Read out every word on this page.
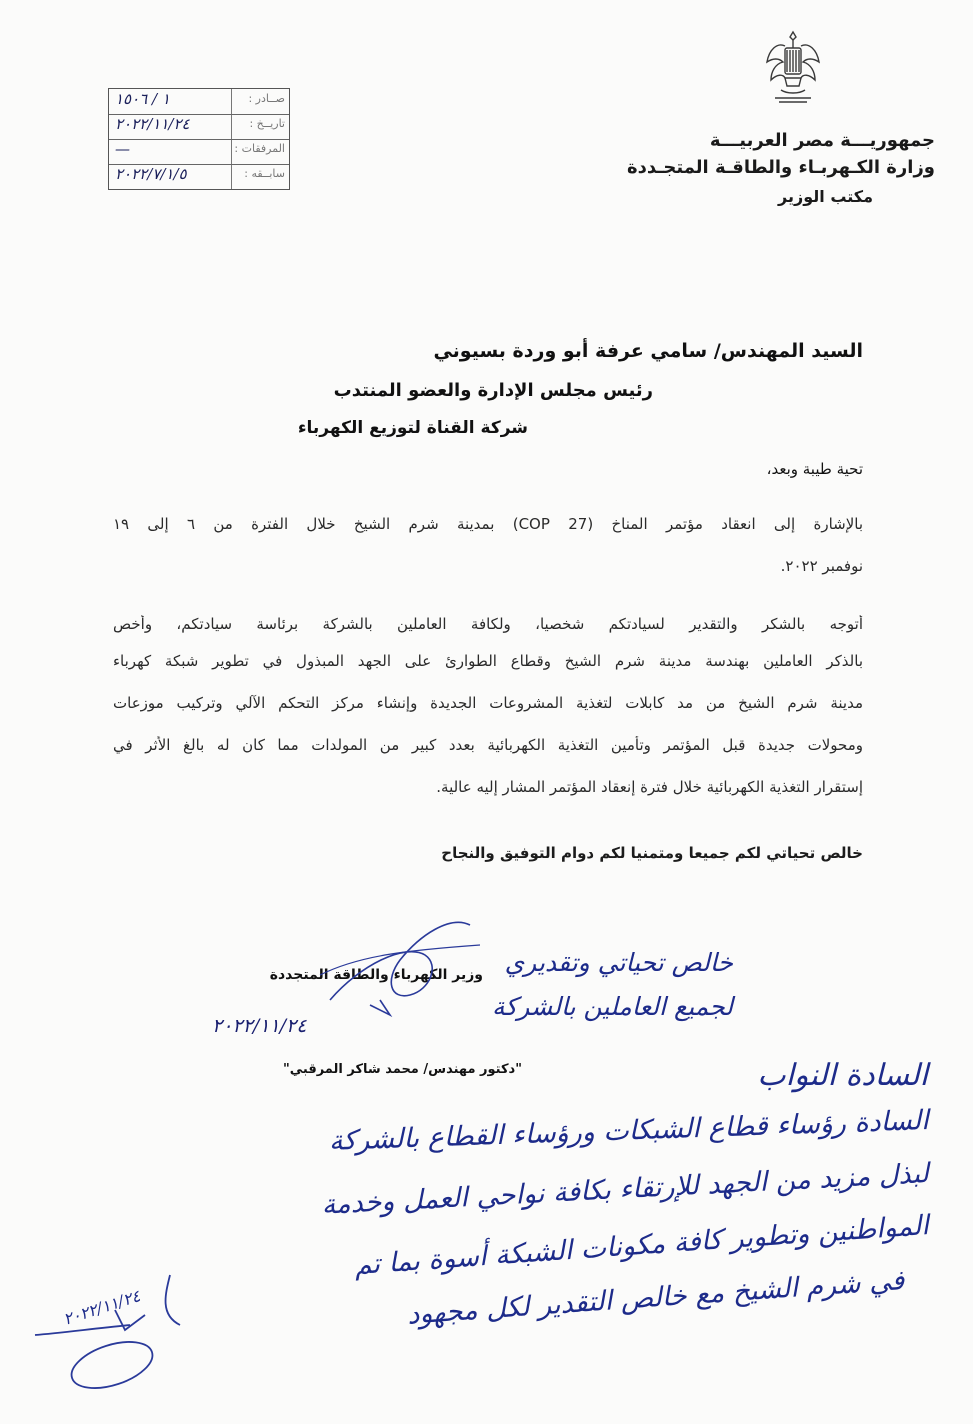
جمهوريـــة مصر العربيـــة
وزارة الكـهربـاء والطاقـة المتجـددة
مكتب الوزير
صــادر :
١ / ١٥٠٦
تاريــخ :
٢٠٢٢/١١/٢٤
المرفقات :
—
سابــقه :
٢٠٢٢/٧/١/٥
السيد المهندس/ سامي عرفة أبو وردة بسيوني
رئيس مجلس الإدارة والعضو المنتدب
شركة القناة لتوزيع الكهرباء
تحية طيبة وبعد،
بالإشارة إلى انعقاد مؤتمر المناخ (COP 27) بمدينة شرم الشيخ خلال الفترة من ٦ إلى ١٩
نوفمبر ٢٠٢٢.
أتوجه بالشكر والتقدير لسيادتكم شخصيا، ولكافة العاملين بالشركة برئاسة سيادتكم، وأخص
بالذكر العاملين بهندسة مدينة شرم الشيخ وقطاع الطوارئ على الجهد المبذول في تطوير شبكة كهرباء
مدينة شرم الشيخ من مد كابلات لتغذية المشروعات الجديدة وإنشاء مركز التحكم الآلي وتركيب موزعات
ومحولات جديدة قبل المؤتمر وتأمين التغذية الكهربائية بعدد كبير من المولدات مما كان له بالغ الأثر في
إستقرار التغذية الكهربائية خلال فترة إنعقاد المؤتمر المشار إليه عالية.
خالص تحياتي لكم جميعا ومتمنيا لكم دوام التوفيق والنجاح
وزير الكهرباء والطاقة المتجددة
٢٠٢٢/١١/٢٤
"دكتور مهندس/ محمد شاكر المرقبي"
خالص تحياتي وتقديري
لجميع العاملين بالشركة
السادة النواب
السادة رؤساء قطاع الشبكات ورؤساء القطاع بالشركة
لبذل مزيد من الجهد للإرتقاء بكافة نواحي العمل وخدمة
المواطنين وتطوير كافة مكونات الشبكة أسوة بما تم
في شرم الشيخ مع خالص التقدير لكل مجهود
٢٠٢٢/١١/٢٤
